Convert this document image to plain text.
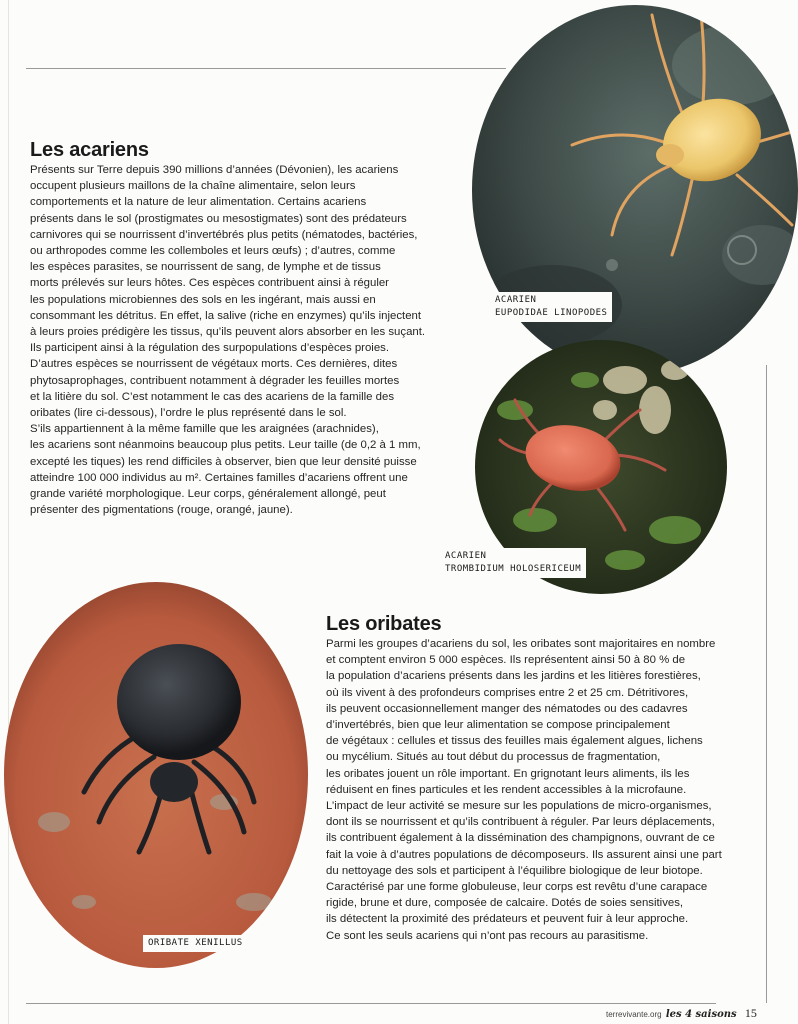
Les acariens
Présents sur Terre depuis 390 millions d’années (Dévonien), les acariens
occupent plusieurs maillons de la chaîne alimentaire, selon leurs
comportements et la nature de leur alimentation. Certains acariens
présents dans le sol (prostigmates ou mesostigmates) sont des prédateurs
carnivores qui se nourrissent d’invertébrés plus petits (nématodes, bactéries,
ou arthropodes comme les collemboles et leurs œufs) ; d’autres, comme
les espèces parasites, se nourrissent de sang, de lymphe et de tissus
morts prélevés sur leurs hôtes. Ces espèces contribuent ainsi à réguler
les populations microbiennes des sols en les ingérant, mais aussi en
consommant les détritus. En effet, la salive (riche en enzymes) qu’ils injectent
à leurs proies prédigère les tissus, qu’ils peuvent alors absorber en les suçant.
Ils participent ainsi à la régulation des surpopulations d’espèces proies.
D’autres espèces se nourrissent de végétaux morts. Ces dernières, dites
phytosaprophages, contribuent notamment à dégrader les feuilles mortes
et la litière du sol. C’est notamment le cas des acariens de la famille des
oribates (lire ci-dessous), l’ordre le plus représenté dans le sol.
S’ils appartiennent à la même famille que les araignées (arachnides),
les acariens sont néanmoins beaucoup plus petits. Leur taille (de 0,2 à 1 mm,
excepté les tiques) les rend difficiles à observer, bien que leur densité puisse
atteindre 100 000 individus au m². Certaines familles d’acariens offrent une
grande variété morphologique. Leur corps, généralement allongé, peut
présenter des pigmentations (rouge, orangé, jaune).
Les oribates
Parmi les groupes d’acariens du sol, les oribates sont majoritaires en nombre
et comptent environ 5 000 espèces. Ils représentent ainsi 50 à 80 % de
la population d’acariens présents dans les jardins et les litières forestières,
où ils vivent à des profondeurs comprises entre 2 et 25 cm. Détritivores,
ils peuvent occasionnellement manger des nématodes ou des cadavres
d’invertébrés, bien que leur alimentation se compose principalement
de végétaux : cellules et tissus des feuilles mais également algues, lichens
ou mycélium. Situés au tout début du processus de fragmentation,
les oribates jouent un rôle important. En grignotant leurs aliments, ils les
réduisent en fines particules et les rendent accessibles à la microfaune.
L’impact de leur activité se mesure sur les populations de micro-organismes,
dont ils se nourrissent et qu’ils contribuent à réguler. Par leurs déplacements,
ils contribuent également à la dissémination des champignons, ouvrant de ce
fait la voie à d’autres populations de décomposeurs. Ils assurent ainsi une part
du nettoyage des sols et participent à l’équilibre biologique de leur biotope.
Caractérisé par une forme globuleuse, leur corps est revêtu d’une carapace
rigide, brune et dure, composée de calcaire. Dotés de soies sensitives,
ils détectent la proximité des prédateurs et peuvent fuir à leur approche.
Ce sont les seuls acariens qui n’ont pas recours au parasitisme.
ACARIEN
EUPODIDAE LINOPODES
ACARIEN
TROMBIDIUM HOLOSERICEUM
ORIBATE XENILLUS
terrevivante.org les 4 saisons 15
